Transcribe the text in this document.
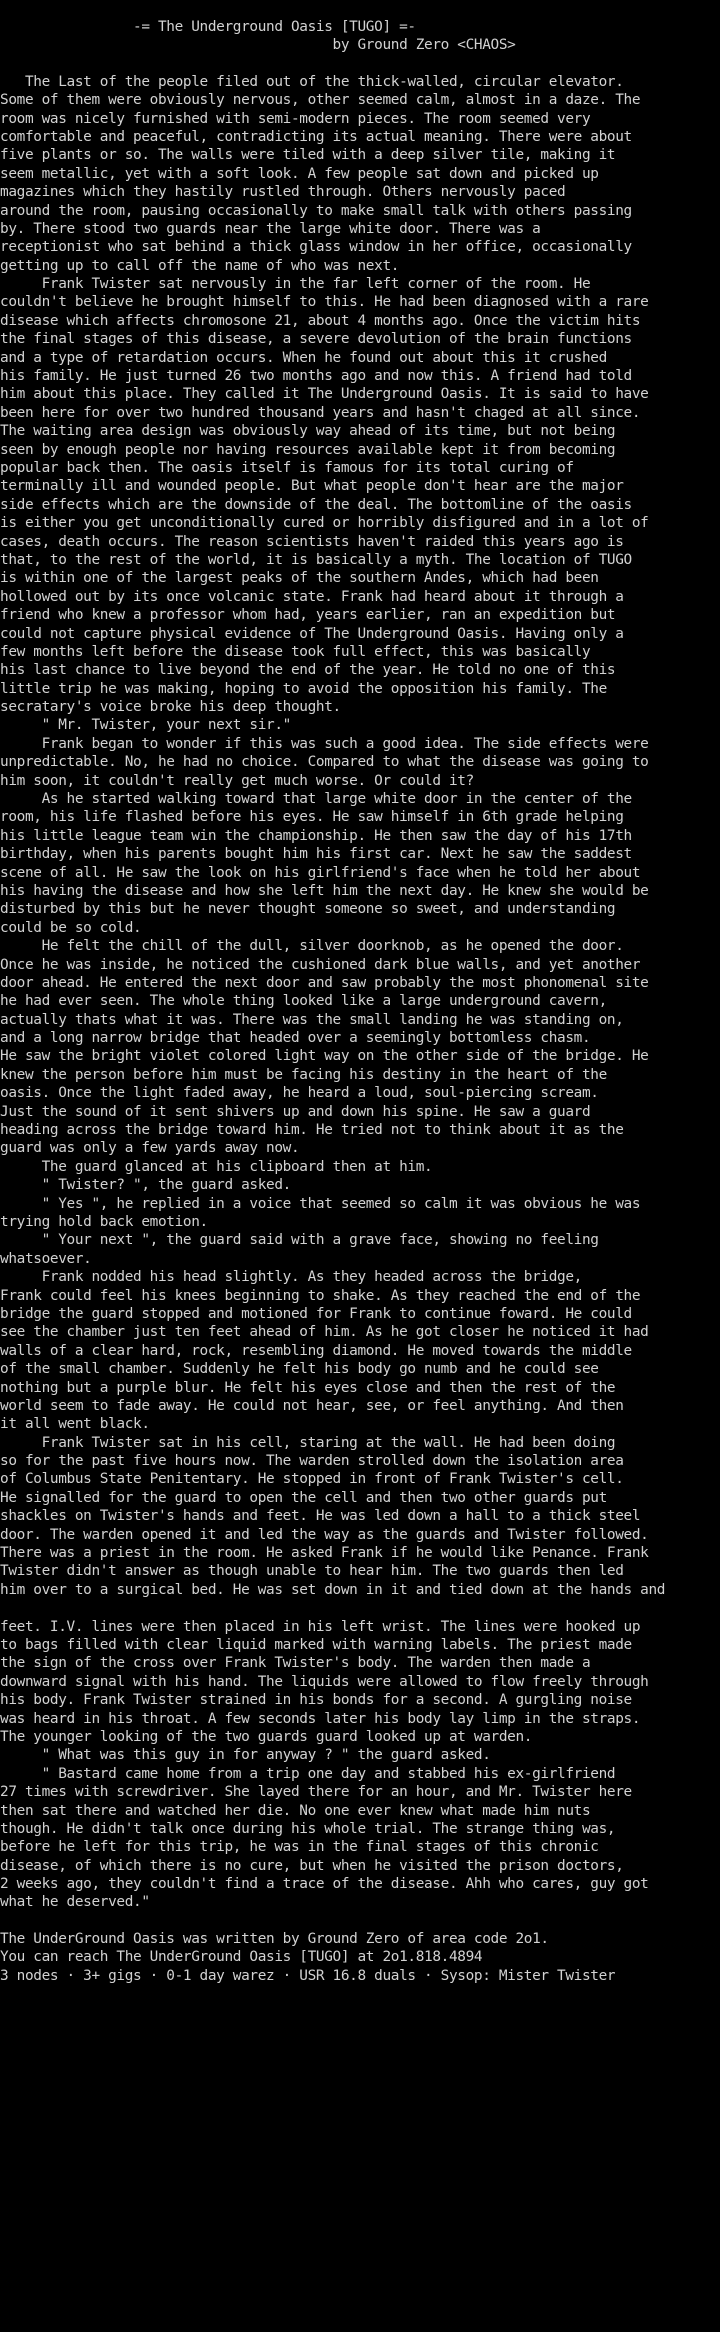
-= The Underground Oasis [TUGO] =-
by Ground Zero <CHAOS>
The Last of the people filed out of the thick-walled, circular elevator.
Some of them were obviously nervous, other seemed calm, almost in a daze. The
room was nicely furnished with semi-modern pieces. The room seemed very
comfortable and peaceful, contradicting its actual meaning. There were about
five plants or so. The walls were tiled with a deep silver tile, making it
seem metallic, yet with a soft look. A few people sat down and picked up
magazines which they hastily rustled through. Others nervously paced
around the room, pausing occasionally to make small talk with others passing
by. There stood two guards near the large white door. There was a
receptionist who sat behind a thick glass window in her office, occasionally
getting up to call off the name of who was next.
Frank Twister sat nervously in the far left corner of the room. He
couldn't believe he brought himself to this. He had been diagnosed with a rare
disease which affects chromosone 21, about 4 months ago. Once the victim hits
the final stages of this disease, a severe devolution of the brain functions
and a type of retardation occurs. When he found out about this it crushed
his family. He just turned 26 two months ago and now this. A friend had told
him about this place. They called it The Underground Oasis. It is said to have
been here for over two hundred thousand years and hasn't chaged at all since.
The waiting area design was obviously way ahead of its time, but not being
seen by enough people nor having resources available kept it from becoming
popular back then. The oasis itself is famous for its total curing of
terminally ill and wounded people. But what people don't hear are the major
side effects which are the downside of the deal. The bottomline of the oasis
is either you get unconditionally cured or horribly disfigured and in a lot of
cases, death occurs. The reason scientists haven't raided this years ago is
that, to the rest of the world, it is basically a myth. The location of TUGO
is within one of the largest peaks of the southern Andes, which had been
hollowed out by its once volcanic state. Frank had heard about it through a
friend who knew a professor whom had, years earlier, ran an expedition but
could not capture physical evidence of The Underground Oasis. Having only a
few months left before the disease took full effect, this was basically
his last chance to live beyond the end of the year. He told no one of this
little trip he was making, hoping to avoid the opposition his family. The
secratary's voice broke his deep thought.
" Mr. Twister, your next sir."
Frank began to wonder if this was such a good idea. The side effects were
unpredictable. No, he had no choice. Compared to what the disease was going to
him soon, it couldn't really get much worse. Or could it?
As he started walking toward that large white door in the center of the
room, his life flashed before his eyes. He saw himself in 6th grade helping
his little league team win the championship. He then saw the day of his 17th
birthday, when his parents bought him his first car. Next he saw the saddest
scene of all. He saw the look on his girlfriend's face when he told her about
his having the disease and how she left him the next day. He knew she would be
disturbed by this but he never thought someone so sweet, and understanding
could be so cold.
He felt the chill of the dull, silver doorknob, as he opened the door.
Once he was inside, he noticed the cushioned dark blue walls, and yet another
door ahead. He entered the next door and saw probably the most phonomenal site
he had ever seen. The whole thing looked like a large underground cavern,
actually thats what it was. There was the small landing he was standing on,
and a long narrow bridge that headed over a seemingly bottomless chasm.
He saw the bright violet colored light way on the other side of the bridge. He
knew the person before him must be facing his destiny in the heart of the
oasis. Once the light faded away, he heard a loud, soul-piercing scream.
Just the sound of it sent shivers up and down his spine. He saw a guard
heading across the bridge toward him. He tried not to think about it as the
guard was only a few yards away now.
The guard glanced at his clipboard then at him.
" Twister? ", the guard asked.
" Yes ", he replied in a voice that seemed so calm it was obvious he was
trying hold back emotion.
" Your next ", the guard said with a grave face, showing no feeling
whatsoever.
Frank nodded his head slightly. As they headed across the bridge,
Frank could feel his knees beginning to shake. As they reached the end of the
bridge the guard stopped and motioned for Frank to continue foward. He could
see the chamber just ten feet ahead of him. As he got closer he noticed it had
walls of a clear hard, rock, resembling diamond. He moved towards the middle
of the small chamber. Suddenly he felt his body go numb and he could see
nothing but a purple blur. He felt his eyes close and then the rest of the
world seem to fade away. He could not hear, see, or feel anything. And then
it all went black.
Frank Twister sat in his cell, staring at the wall. He had been doing
so for the past five hours now. The warden strolled down the isolation area
of Columbus State Penitentary. He stopped in front of Frank Twister's cell.
He signalled for the guard to open the cell and then two other guards put
shackles on Twister's hands and feet. He was led down a hall to a thick steel
door. The warden opened it and led the way as the guards and Twister followed.
There was a priest in the room. He asked Frank if he would like Penance. Frank
Twister didn't answer as though unable to hear him. The two guards then led
him over to a surgical bed. He was set down in it and tied down at the hands and
feet. I.V. lines were then placed in his left wrist. The lines were hooked up
to bags filled with clear liquid marked with warning labels. The priest made
the sign of the cross over Frank Twister's body. The warden then made a
downward signal with his hand. The liquids were allowed to flow freely through
his body. Frank Twister strained in his bonds for a second. A gurgling noise
was heard in his throat. A few seconds later his body lay limp in the straps.
The younger looking of the two guards guard looked up at warden.
" What was this guy in for anyway ? " the guard asked.
" Bastard came home from a trip one day and stabbed his ex-girlfriend
27 times with screwdriver. She layed there for an hour, and Mr. Twister here
then sat there and watched her die. No one ever knew what made him nuts
though. He didn't talk once during his whole trial. The strange thing was,
before he left for this trip, he was in the final stages of this chronic
disease, of which there is no cure, but when he visited the prison doctors,
2 weeks ago, they couldn't find a trace of the disease. Ahh who cares, guy got
what he deserved."
The UnderGround Oasis was written by Ground Zero of area code 2o1.
You can reach The UnderGround Oasis [TUGO] at 2o1.818.4894
3 nodes · 3+ gigs · 0-1 day warez · USR 16.8 duals · Sysop: Mister Twister
